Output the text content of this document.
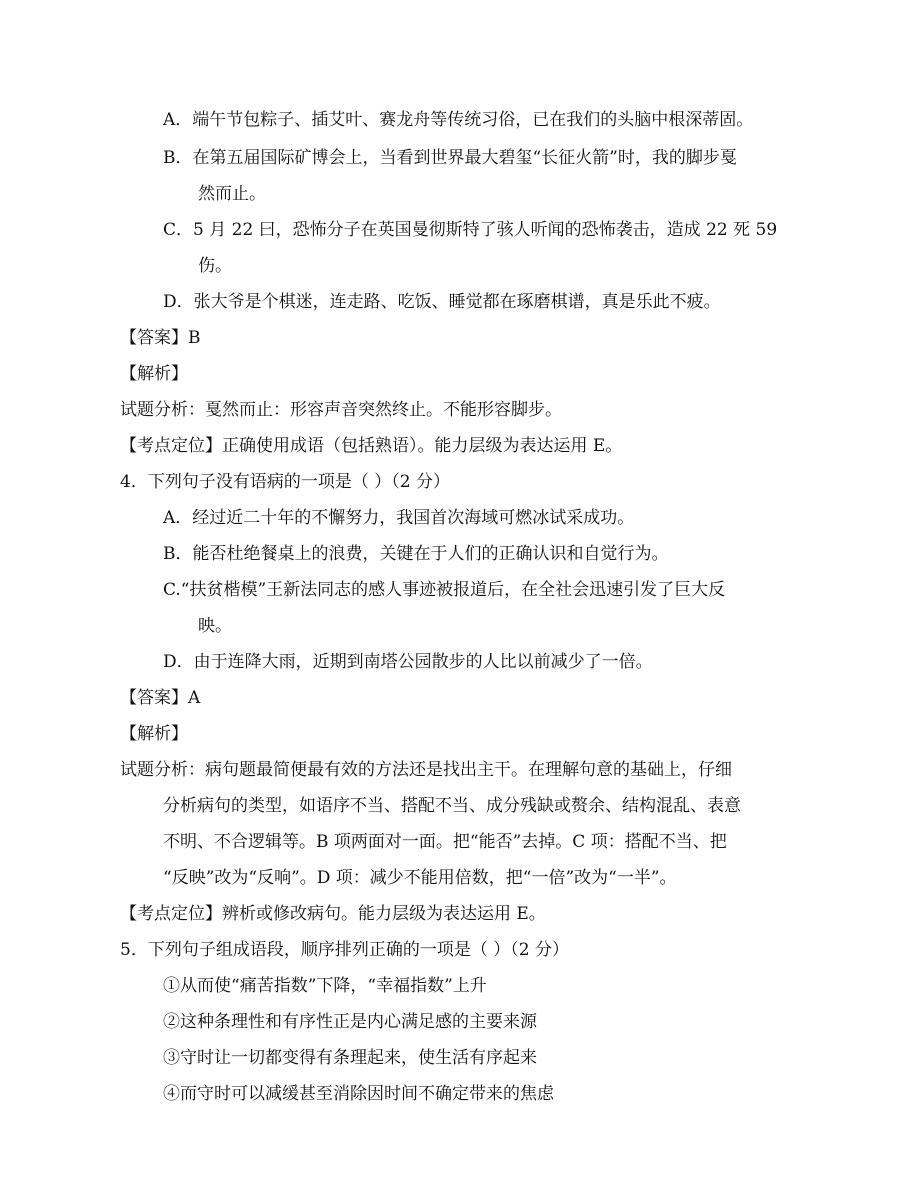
A．端午节包粽子、插艾叶、赛龙舟等传统习俗，已在我们的头脑中根深蒂固。
B．在第五届国际矿博会上，当看到世界最大碧玺“长征火箭”时，我的脚步戛
然而止。
C．5 月 22 曰，恐怖分子在英国曼彻斯特了骇人听闻的恐怖袭击，造成 22 死 59
伤。
D．张大爷是个棋迷，连走路、吃饭、睡觉都在琢磨棋谱，真是乐此不疲。
【答案】B
【解析】
试题分析：戛然而止：形容声音突然终止。不能形容脚步。
【考点定位】正确使用成语（包括熟语）。能力层级为表达运用 E。
4．下列句子没有语病的一项是（ ）（2 分）
A．经过近二十年的不懈努力，我国首次海域可燃冰试采成功。
B．能否杜绝餐桌上的浪费，关键在于人们的正确认识和自觉行为。
C.“扶贫楷模”王新法同志的感人事迹被报道后，在全社会迅速引发了巨大反
映。
D．由于连降大雨，近期到南塔公园散步的人比以前减少了一倍。
【答案】A
【解析】
试题分析：病句题最简便最有效的方法还是找出主干。在理解句意的基础上，仔细
分析病句的类型，如语序不当、搭配不当、成分残缺或赘余、结构混乱、表意
不明、不合逻辑等。B 项两面对一面。把“能否”去掉。C 项：搭配不当、把
“反映”改为“反响”。D 项：减少不能用倍数，把“一倍”改为“一半”。
【考点定位】辨析或修改病句。能力层级为表达运用 E。
5．下列句子组成语段，顺序排列正确的一项是（ ）（2 分）
①从而使“痛苦指数”下降，“幸福指数”上升
②这种条理性和有序性正是内心满足感的主要来源
③守时让一切都变得有条理起来，使生活有序起来
④而守时可以减缓甚至消除因时间不确定带来的焦虑
